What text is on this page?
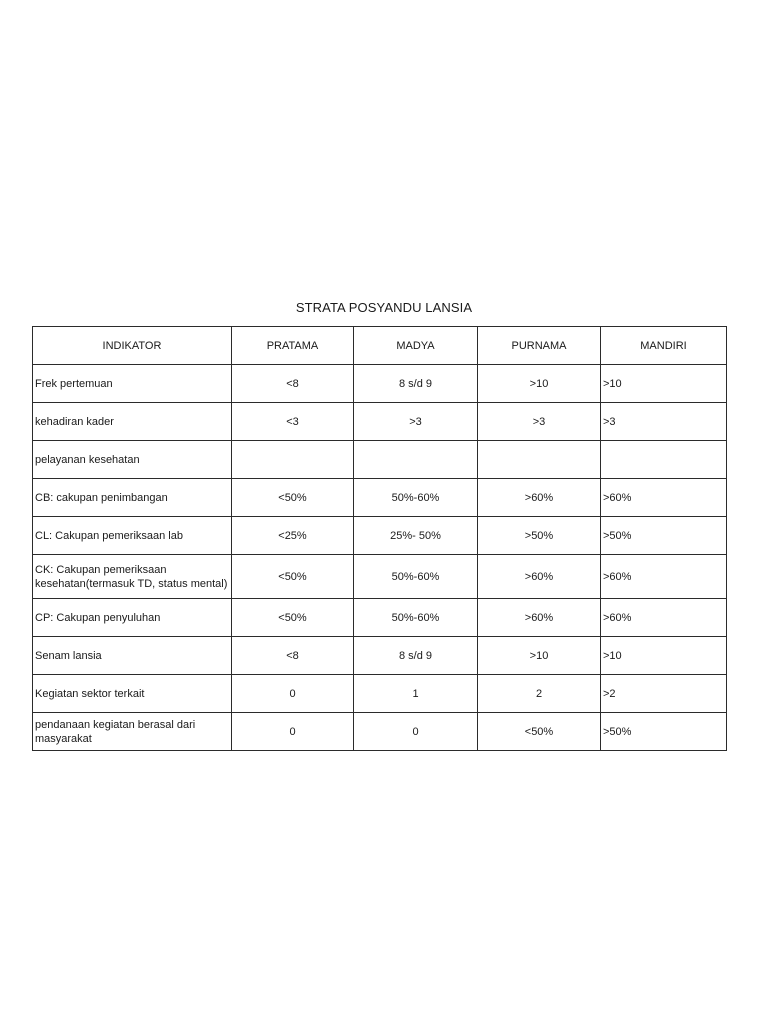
STRATA POSYANDU LANSIA
INDIKATOR	PRATAMA	MADYA	PURNAMA	MANDIRI
Frek pertemuan	<8	8 s/d 9	>10	>10
kehadiran kader	<3	>3	>3	>3
pelayanan kesehatan				
CB: cakupan penimbangan	<50%	50%-60%	>60%	>60%
CL: Cakupan pemeriksaan lab	<25%	25%- 50%	>50%	>50%
CK: Cakupan pemeriksaan kesehatan(termasuk TD, status mental)	<50%	50%-60%	>60%	>60%
CP: Cakupan penyuluhan	<50%	50%-60%	>60%	>60%
Senam lansia	<8	8 s/d 9	>10	>10
Kegiatan sektor terkait	0	1	2	>2
pendanaan kegiatan berasal dari masyarakat	0	0	<50%	>50%
